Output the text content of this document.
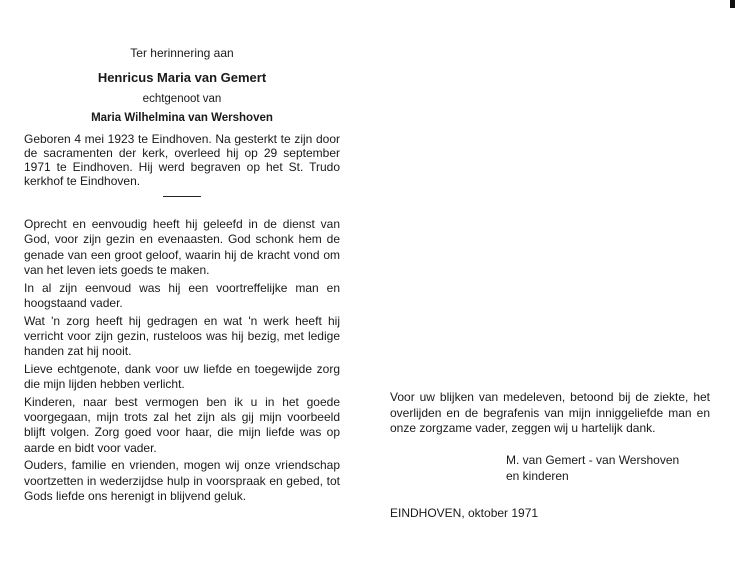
Ter herinnering aan

Henricus Maria van Gemert

echtgenoot van

Maria Wilhelmina van Wershoven

Geboren 4 mei 1923 te Eindhoven. Na gesterkt te zijn door de sacramenten der kerk, overleed hij op 29 september 1971 te Eindhoven. Hij werd begraven op het St. Trudo kerkhof te Eindhoven.

Oprecht en eenvoudig heeft hij geleefd in de dienst van God, voor zijn gezin en evenaasten. God schonk hem de genade van een groot geloof, waarin hij de kracht vond om van het leven iets goeds te maken.

In al zijn eenvoud was hij een voortreffelijke man en hoogstaand vader.

Wat 'n zorg heeft hij gedragen en wat 'n werk heeft hij verricht voor zijn gezin, rusteloos was hij bezig, met ledige handen zat hij nooit.

Lieve echtgenote, dank voor uw liefde en toegewijde zorg die mijn lijden hebben verlicht.

Kinderen, naar best vermogen ben ik u in het goede voorgegaan, mijn trots zal het zijn als gij mijn voorbeeld blijft volgen. Zorg goed voor haar, die mijn liefde was op aarde en bidt voor vader.

Ouders, familie en vrienden, mogen wij onze vriendschap voortzetten in wederzijdse hulp in voorspraak en gebed, tot Gods liefde ons herenigt in blijvend geluk.

Voor uw blijken van medeleven, betoond bij de ziekte, het overlijden en de begrafenis van mijn inniggeliefde man en onze zorgzame vader, zeggen wij u hartelijk dank.

M. van Gemert - van Wershoven
en kinderen

EINDHOVEN, oktober 1971
